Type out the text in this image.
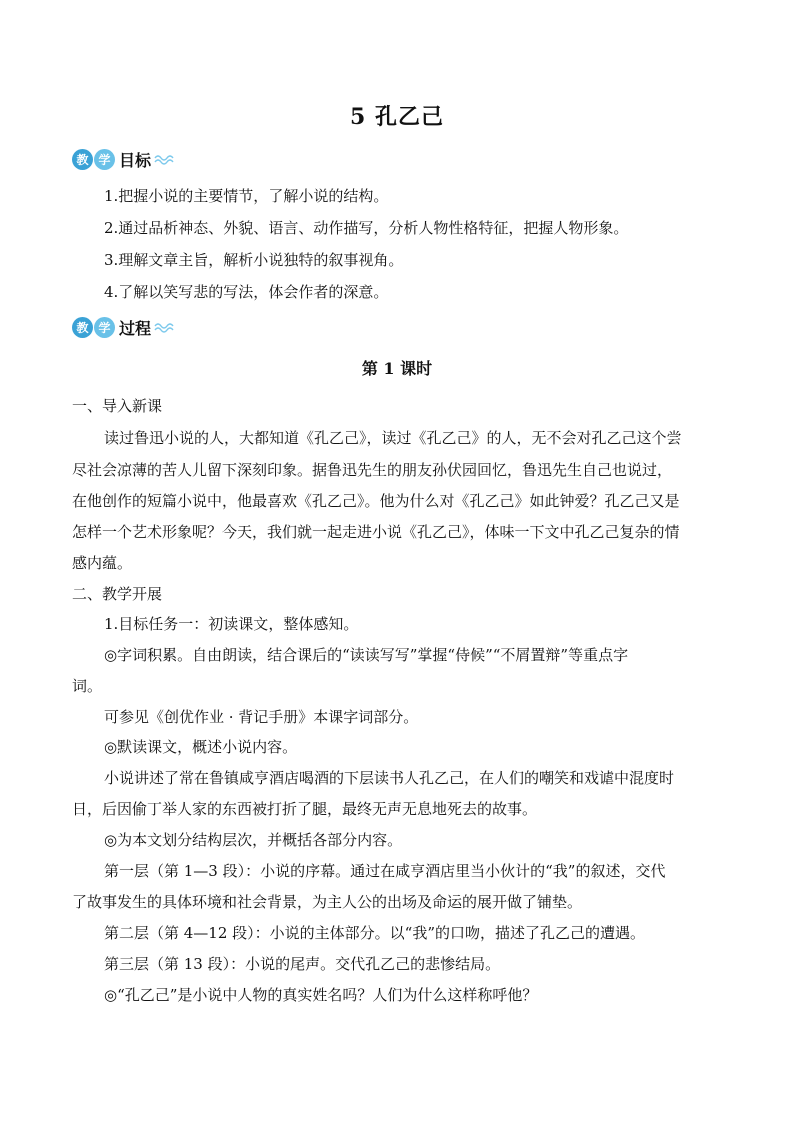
5 孔乙己
教 学 目标
1.把握小说的主要情节，了解小说的结构。
2.通过品析神态、外貌、语言、动作描写，分析人物性格特征，把握人物形象。
3.理解文章主旨，解析小说独特的叙事视角。
4.了解以笑写悲的写法，体会作者的深意。
教 学 过程
第 1 课时
一、导入新课
读过鲁迅小说的人，大都知道《孔乙己》，读过《孔乙己》的人，无不会对孔乙己这个尝
尽社会凉薄的苦人儿留下深刻印象。据鲁迅先生的朋友孙伏园回忆，鲁迅先生自己也说过，
在他创作的短篇小说中，他最喜欢《孔乙己》。他为什么对《孔乙己》如此钟爱？孔乙己又是
怎样一个艺术形象呢？今天，我们就一起走进小说《孔乙己》，体味一下文中孔乙己复杂的情
感内蕴。
二、教学开展
1.目标任务一：初读课文，整体感知。
◎字词积累。自由朗读，结合课后的“读读写写”掌握“侍候”“不屑置辩”等重点字
词。
可参见《创优作业 · 背记手册》本课字词部分。
◎默读课文，概述小说内容。
小说讲述了常在鲁镇咸亨酒店喝酒的下层读书人孔乙己，在人们的嘲笑和戏谑中混度时
日，后因偷丁举人家的东西被打折了腿，最终无声无息地死去的故事。
◎为本文划分结构层次，并概括各部分内容。
第一层（第 1—3 段）：小说的序幕。通过在咸亨酒店里当小伙计的“我”的叙述，交代
了故事发生的具体环境和社会背景，为主人公的出场及命运的展开做了铺垫。
第二层（第 4—12 段）：小说的主体部分。以“我”的口吻，描述了孔乙己的遭遇。
第三层（第 13 段）：小说的尾声。交代孔乙己的悲惨结局。
◎“孔乙己”是小说中人物的真实姓名吗？人们为什么这样称呼他？
